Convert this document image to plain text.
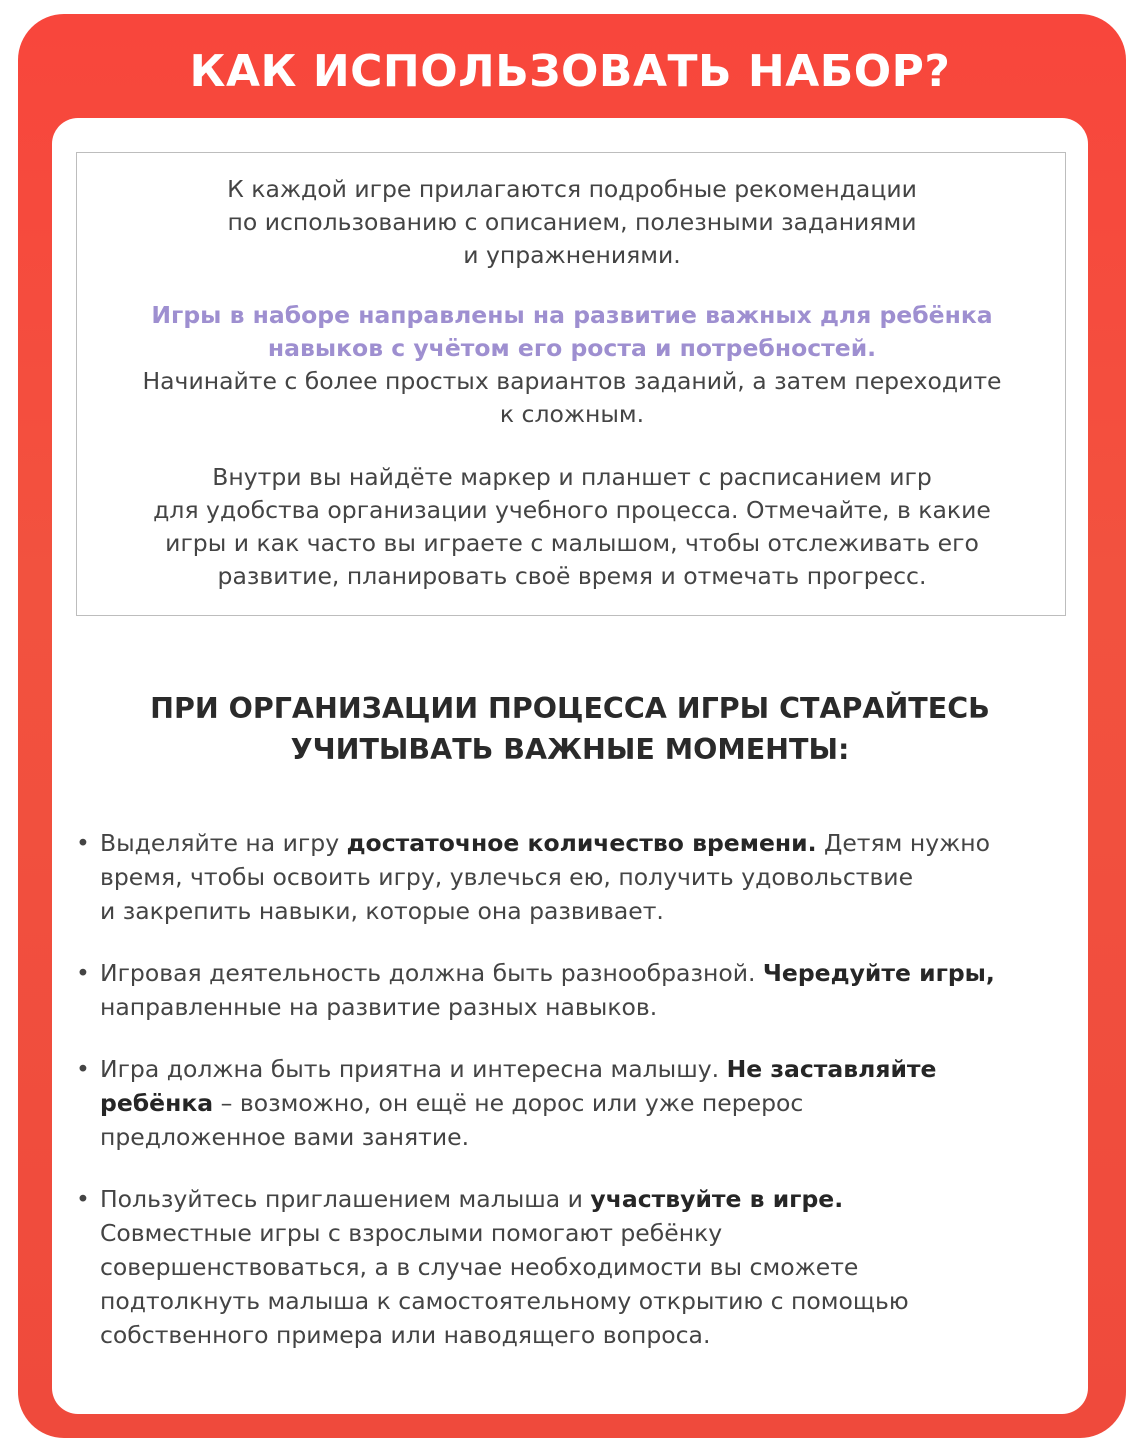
КАК ИСПОЛЬЗОВАТЬ НАБОР?

К каждой игре прилагаются подробные рекомендации
по использованию с описанием, полезными заданиями
и упражнениями.

Игры в наборе направлены на развитие важных для ребёнка
навыков с учётом его роста и потребностей.
Начинайте с более простых вариантов заданий, а затем переходите
к сложным.

Внутри вы найдёте маркер и планшет с расписанием игр
для удобства организации учебного процесса. Отмечайте, в какие
игры и как часто вы играете с малышом, чтобы отслеживать его
развитие, планировать своё время и отмечать прогресс.

ПРИ ОРГАНИЗАЦИИ ПРОЦЕССА ИГРЫ СТАРАЙТЕСЬ
УЧИТЫВАТЬ ВАЖНЫЕ МОМЕНТЫ:
• Выделяйте на игру достаточное количество времени. Детям нужно
время, чтобы освоить игру, увлечься ею, получить удовольствие
и закрепить навыки, которые она развивает.
• Игровая деятельность должна быть разнообразной. Чередуйте игры,
направленные на развитие разных навыков.
• Игра должна быть приятна и интересна малышу. Не заставляйте
ребёнка – возможно, он ещё не дорос или уже перерос
предложенное вами занятие.
• Пользуйтесь приглашением малыша и участвуйте в игре.
Совместные игры с взрослыми помогают ребёнку
совершенствоваться, а в случае необходимости вы сможете
подтолкнуть малыша к самостоятельному открытию с помощью
собственного примера или наводящего вопроса.
